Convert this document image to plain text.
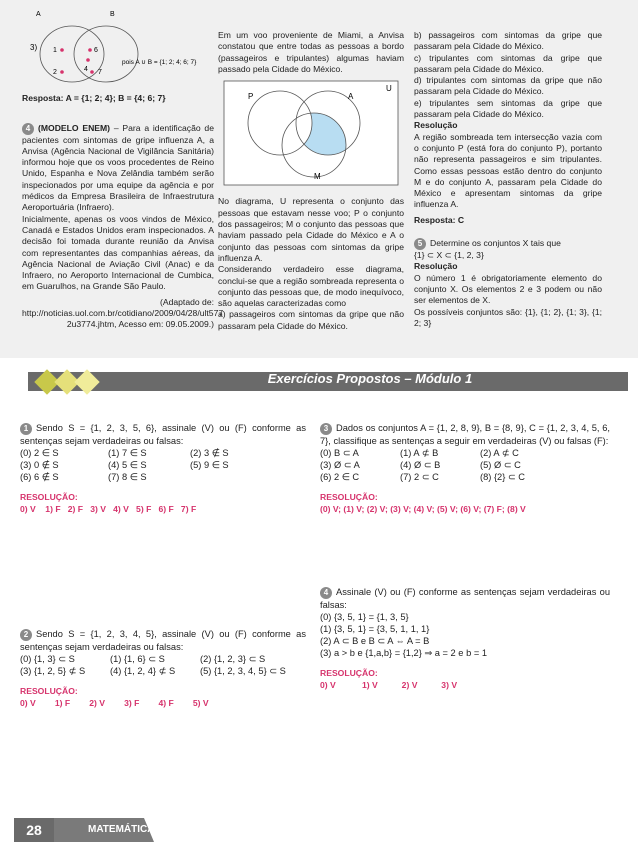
3)
A	B
1	6
4
2	7
pois A ∪ B = {1; 2; 4; 6; 7}
Resposta: A = {1; 2; 4}; B = {4; 6; 7}
4 (MODELO ENEM) – Para a identificação de pacientes com sintomas de gripe influenza A, a Anvisa (Agência Nacional de Vigilância Sanitária) informou hoje que os voos procedentes de Reino Unido, Espanha e Nova Zelândia também serão inspecionados por uma equipe da agência e por médicos da Empresa Brasileira de Infraestrutura Aeroportuária (Infraero).
Inicialmente, apenas os voos vindos de México, Canadá e Estados Unidos eram inspecionados. A decisão foi tomada durante reunião da Anvisa com representantes das companhias aéreas, da Agência Nacional de Aviação Civil (Anac) e da Infraero, no Aeroporto Internacional de Cumbica, em Guarulhos, na Grande São Paulo.
(Adaptado de:
http://noticias.uol.com.br/cotidiano/2009/04/28/ult577
2u3774.jhtm, Acesso em: 09.05.2009.)
Em um voo proveniente de Miami, a Anvisa constatou que entre todas as pessoas a bordo (passageiros e tripulantes) algumas haviam passado pela Cidade do México.
U
P	A
M
No diagrama, U representa o conjunto das pessoas que estavam nesse voo; P o conjunto dos passageiros; M o conjunto das pessoas que haviam passado pela Cidade do México e A o conjunto das pessoas com sintomas da gripe influenza A.
Considerando verdadeiro esse diagrama, conclui-se que a região sombreada representa o conjunto das pessoas que, de modo inequívoco, são aquelas caracterizadas como
a) passageiros com sintomas da gripe que não passaram pela Cidade do México.
b) passageiros com sintomas da gripe que passaram pela Cidade do México.
c) tripulantes com sintomas da gripe que passaram pela Cidade do México.
d) tripulantes com sintomas da gripe que não passaram pela Cidade do México.
e) tripulantes sem sintomas da gripe que passaram pela Cidade do México.
Resolução
A região sombreada tem intersecção vazia com o conjunto P (está fora do conjunto P), portanto não representa passageiros e sim tripulantes. Como essas pessoas estão dentro do conjunto M e do conjunto A, passaram pela Cidade do México e apresentam sintomas da gripe influenza A.
Resposta: C
5 Determine os conjuntos X tais que
{1} ⊂ X ⊂ {1, 2, 3}
Resolução
O número 1 é obrigatoriamente elemento do conjunto X. Os elementos 2 e 3 podem ou não ser elementos de X.
Os possíveis conjuntos são: {1}, {1; 2}, {1; 3}, {1; 2; 3}
Exercícios Propostos – Módulo 1
1 Sendo S = {1, 2, 3, 5, 6}, assinale (V) ou (F) conforme as sentenças sejam verdadeiras ou falsas:
(0) 2 ∈ S	(1) 7 ∈ S	(2) 3 ∉ S
(3) 0 ∉ S	(4) 5 ∈ S	(5) 9 ∈ S
(6) 6 ∉ S	(7) 8 ∈ S
RESOLUÇÃO:
0) V    1) F   2) F   3) V   4) V   5) F   6) F   7) F
2 Sendo S = {1, 2, 3, 4, 5}, assinale (V) ou (F) conforme as sentenças sejam verdadeiras ou falsas:
(0) {1, 3} ⊂ S	(1) {1, 6} ⊂ S	(2) {1, 2, 3} ⊂ S
(3) {1, 2, 5} ⊄ S	(4) {1, 2, 4} ⊄ S	(5) {1, 2, 3, 4, 5} ⊂ S
RESOLUÇÃO:
0) V        1) F        2) V        3) F        4) F        5) V
3 Dados os conjuntos A = {1, 2, 8, 9}, B = {8, 9}, C = {1, 2, 3, 4, 5, 6, 7}, classifique as sentenças a seguir em verdadeiras (V) ou falsas (F):
(0) B ⊂ A	(1) A ⊄ B	(2) A ⊄ C
(3) Ø ⊂ A	(4) Ø ⊂ B	(5) Ø ⊂ C
(6) 2 ∈ C	(7) 2 ⊂ C	(8) {2} ⊂ C
RESOLUÇÃO:
(0) V; (1) V; (2) V; (3) V; (4) V; (5) V; (6) V; (7) F; (8) V
4 Assinale (V) ou (F) conforme as sentenças sejam verdadeiras ou falsas:
(0) {3, 5, 1} = {1, 3, 5}
(1) {3, 5, 1} = {3, 5, 1, 1, 1}
(2) A ⊂ B e B ⊂ A ⇔ A = B
(3) a > b e {1,a,b} = {1,2} ⇒ a = 2 e b = 1
RESOLUÇÃO:
0) V           1) V          2) V          3) V
28	MATEMÁTICA
